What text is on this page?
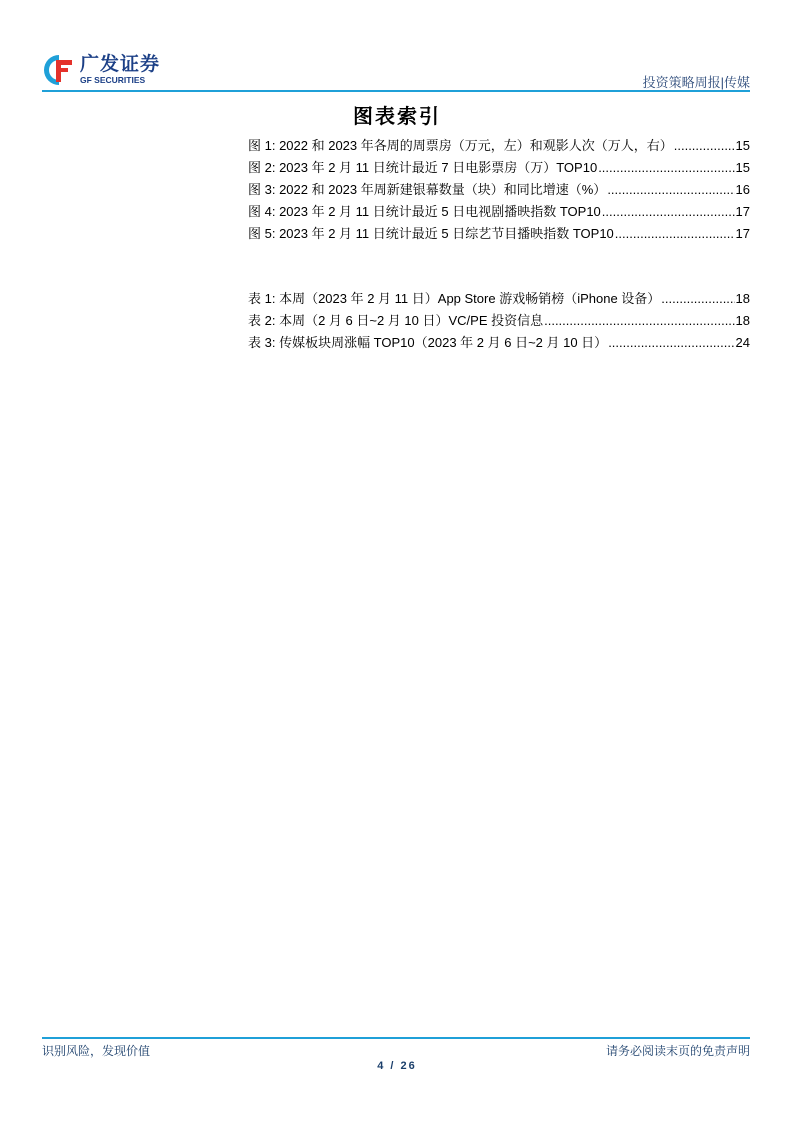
广发证券
GF SECURITIES	投资策略周报|传媒
图表索引
图 1: 2022 和 2023 年各周的周票房（万元，左）和观影人次（万人，右） .....	15
图 2: 2023 年 2 月 11 日统计最近 7 日电影票房（万）TOP10 .....	15
图 3: 2022 和 2023 年周新建银幕数量（块）和同比增速（%） .....	16
图 4: 2023 年 2 月 11 日统计最近 5 日电视剧播映指数 TOP10 .....	17
图 5: 2023 年 2 月 11 日统计最近 5 日综艺节目播映指数 TOP10 .....	17
表 1: 本周（2023 年 2 月 11 日）App Store 游戏畅销榜（iPhone 设备） .....	18
表 2: 本周（2 月 6 日~2 月 10 日）VC/PE 投资信息 .....	18
表 3: 传媒板块周涨幅 TOP10（2023 年 2 月 6 日~2 月 10 日） .....	24
识别风险，发现价值	请务必阅读末页的免责声明
4 / 26
